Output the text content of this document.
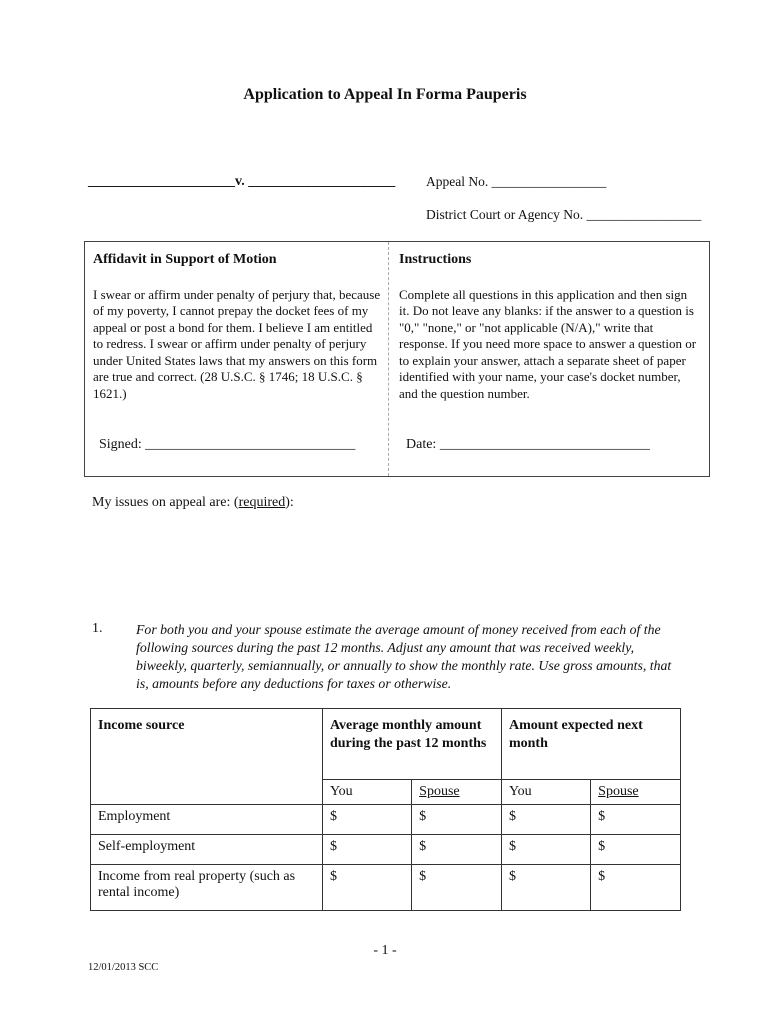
Application to Appeal In Forma Pauperis
_____________________v. _____________________ Appeal No. _________________
District Court or Agency No. _________________
Affidavit in Support of Motion

I swear or affirm under penalty of perjury that, because of my poverty, I cannot prepay the docket fees of my appeal or post a bond for them. I believe I am entitled to redress. I swear or affirm under penalty of perjury under United States laws that my answers on this form are true and correct. (28 U.S.C. § 1746; 18 U.S.C. § 1621.)

Signed: ______________________________
Instructions

Complete all questions in this application and then sign it. Do not leave any blanks: if the answer to a question is "0," "none," or "not applicable (N/A)," write that response. If you need more space to answer a question or to explain your answer, attach a separate sheet of paper identified with your name, your case's docket number, and the question number.

Date: ______________________________
My issues on appeal are: (required):
1. For both you and your spouse estimate the average amount of money received from each of the following sources during the past 12 months. Adjust any amount that was received weekly, biweekly, quarterly, semiannually, or annually to show the monthly rate. Use gross amounts, that is, amounts before any deductions for taxes or otherwise.
Income source	Average monthly amount during the past 12 months		Amount expected next month	
	You	Spouse	You	Spouse
Employment	$	$	$	$
Self-employment	$	$	$	$
Income from real property (such as rental income)	$	$	$	$
- 1 -
12/01/2013 SCC
